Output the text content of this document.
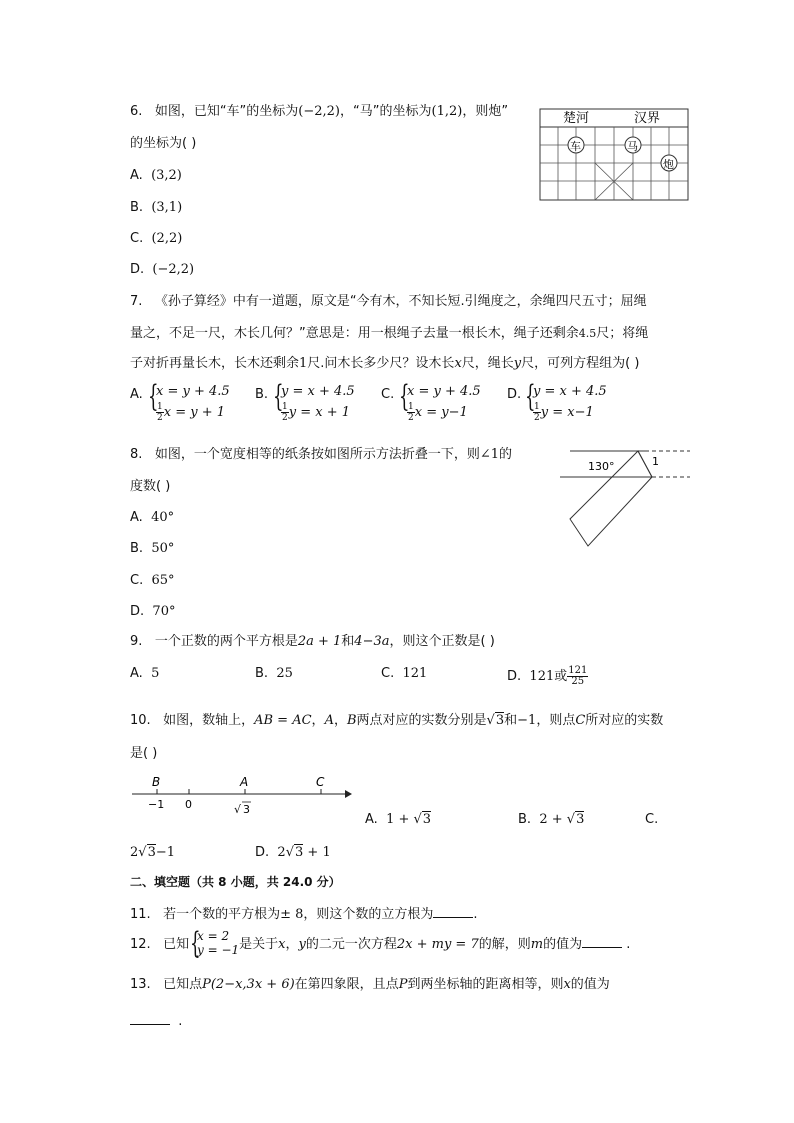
6. 如图，已知“车”的坐标为(−2,2)，“马”的坐标为(1,2)，则炮”
的坐标为( )
A. (3,2)
B. (3,1)
C. (2,2)
D. (−2,2)
楚河	汉界
车	马
炮
7. 《孙子算经》中有一道题，原文是“今有木，不知长短.引绳度之，余绳四尺五寸；屈绳
量之，不足一尺，木长几何？”意思是：用一根绳子去量一根长木，绳子还剩余4.5尺；将绳
子对折再量长木，长木还剩余1尺.问木长多少尺？设木长x尺，绳长y尺，可列方程组为( )
A. {
x = y + 4.5
$\frac{1}{2}$ x = y + 1
B. {
y = x + 4.5
$\frac{1}{2}$ y = x + 1
C. {
x = y + 4.5
$\frac{1}{2}$ x = y−1
D. {
y = x + 4.5
$\frac{1}{2}$ y = x−1
8. 如图，一个宽度相等的纸条按如图所示方法折叠一下，则∠1的
度数( )
A. 40°
B. 50°
C. 65°
D. 70°
130°	1
9. 一个正数的两个平方根是2a + 1和4−3a，则这个正数是( )
A. 5	B. 25	C. 121	D. 121或 $\frac{121}{25}$
10. 如图，数轴上，AB = AC，A，B两点对应的实数分别是√3和−1，则点C所对应的实数
是( )
B	A	C
−1 0	√ 3
A. 1 + √3	B. 2 + √3	C.
2√3−1	D. 2√3 + 1
二、填空题（共 8 小题，共 24.0 分）
11. 若一个数的平方根为± 8，则这个数的立方根为	.
12. 已知	是关于x，y的二元一次方程2x + my = 7的解，则m的值为	.
{
x = 2
y = −1
13. 已知点P(2−x,3x + 6)在第四象限，且点P到两坐标轴的距离相等，则x的值为
.
